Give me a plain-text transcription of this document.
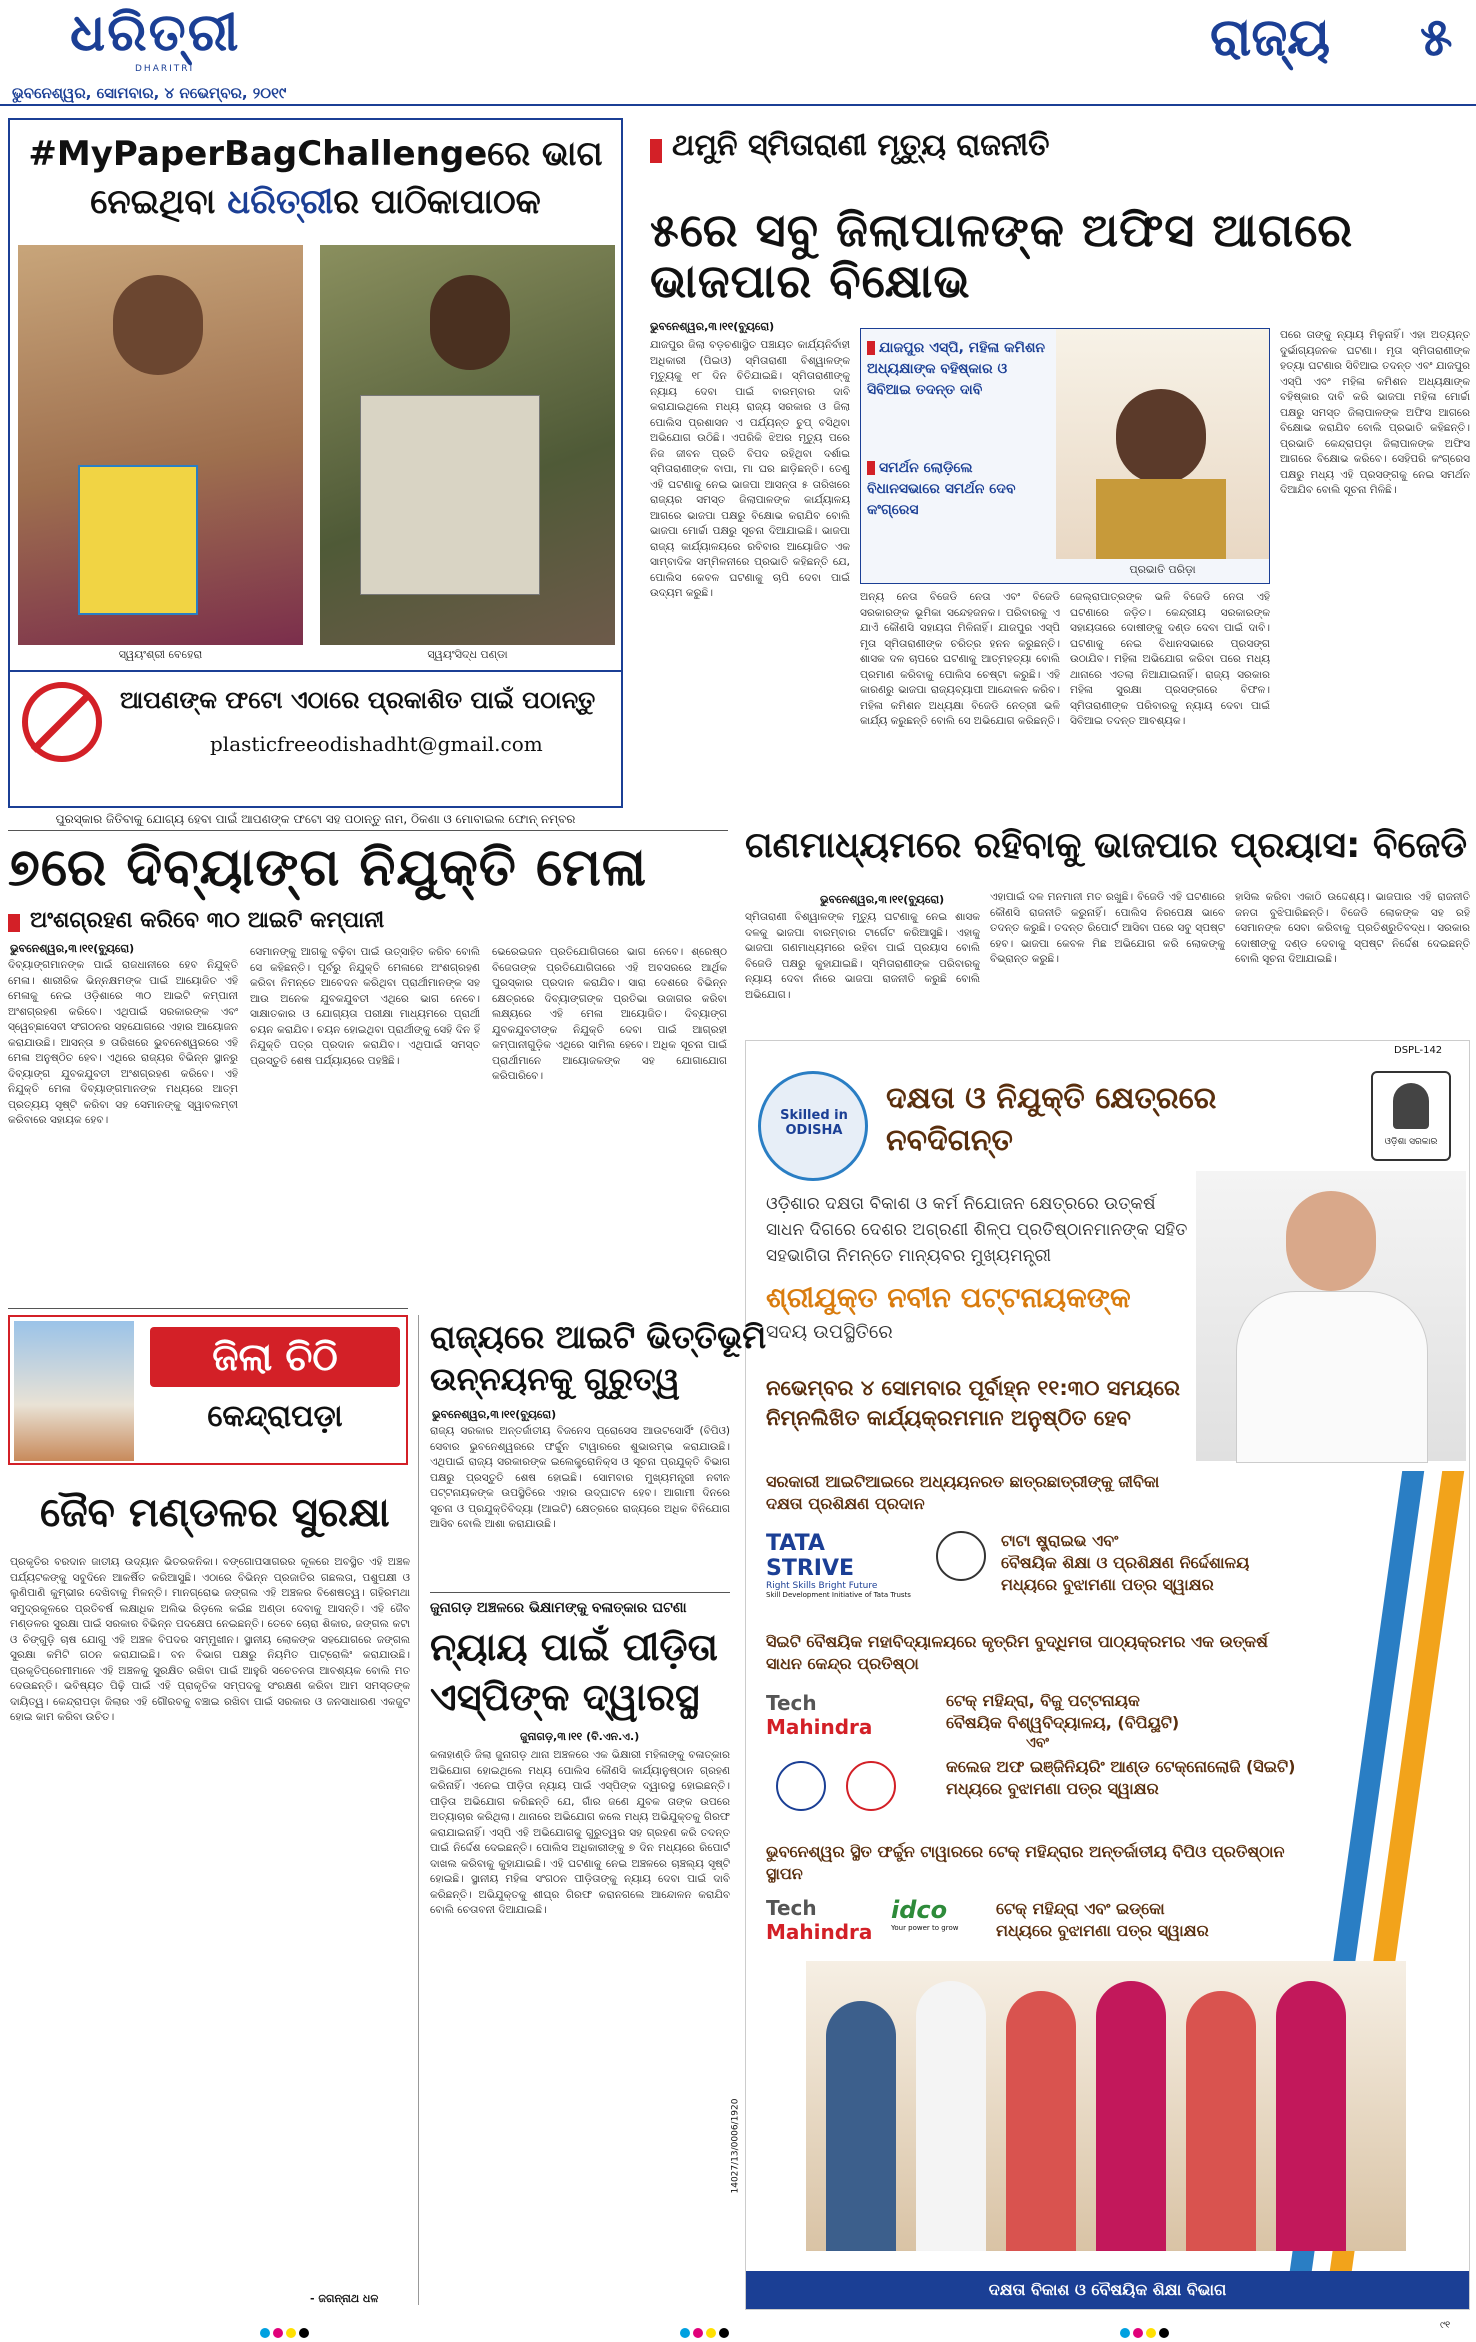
ଧରିତ୍ରୀ
DHARITRI
ଭୁବନେଶ୍ୱର, ସୋମବାର, ୪ ନଭେମ୍ବର, ୨୦୧୯
ରାଜ୍ୟ ୫
#MyPaperBagChallengeରେ ଭାଗ
ନେଇଥିବା ଧରିତ୍ରୀର ପାଠିକାପାଠକ
ସ୍ୱୟଂଶ୍ରୀ ବେହେରା	ସ୍ୱୟଂସିଦ୍ଧ ପଣ୍ଡା
ଆପଣଙ୍କ ଫଟୋ ଏଠାରେ ପ୍ରକାଶିତ ପାଇଁ ପଠାନ୍ତୁ
plasticfreeodishadht@gmail.com
ପୁରସ୍କାର ଜିତିବାକୁ ଯୋଗ୍ୟ ହେବା ପାଇଁ ଆପଣଙ୍କ ଫଟୋ ସହ ପଠାନ୍ତୁ ନାମ, ଠିକଣା ଓ ମୋବାଇଲ ଫୋନ୍ ନମ୍ବର
ଥମୁନି ସ୍ମିତାରାଣୀ ମୃତ୍ୟୁ ରାଜନୀତି
୫ରେ ସବୁ ଜିଲାପାଳଙ୍କ ଅଫିସ ଆଗରେ ଭାଜପାର ବିକ୍ଷୋଭ
ଭୁବନେଶ୍ୱର,୩।୧୧(ବ୍ୟୁରୋ)
ଯାଜପୁର ଜିଲା ବଡ଼ଚଣାସ୍ଥିତ ପଞ୍ଚାୟତ କାର୍ଯ୍ୟନିର୍ବାହୀ ଅଧିକାରୀ (ପିଇଓ) ସ୍ମିତାରାଣୀ ବିଶ୍ୱାଳଙ୍କ ମୃତ୍ୟୁକୁ ୧୮ ଦିନ ବିତିଯାଇଛି। ସ୍ମିତାରାଣୀଙ୍କୁ ନ୍ୟାୟ ଦେବା ପାଇଁ ବାରମ୍ବାର ଦାବି କରାଯାଇଥିଲେ ମଧ୍ୟ ରାଜ୍ୟ ସରକାର ଓ ଜିଲା ପୋଲିସ ପ୍ରଶାସନ ଏ ପର୍ଯ୍ୟନ୍ତ ଚୁପ୍ ବସିଥିବା ଅଭିଯୋଗ ଉଠିଛି। ଏପରିକି ଝିଅର ମୃତ୍ୟୁ ପରେ ନିଜ ଜୀବନ ପ୍ରତି ବିପଦ ରହିଥିବା ଦର୍ଶାଇ ସ୍ମିତାରାଣୀଙ୍କ ବାପା, ମା ଘର ଛାଡ଼ିଛନ୍ତି। ତେଣୁ ଏହି ଘଟଣାକୁ ନେଇ ଭାଜପା ଆସନ୍ତା ୫ ତାରିଖରେ ରାଜ୍ୟର ସମସ୍ତ ଜିଲାପାଳଙ୍କ କାର୍ଯ୍ୟାଳୟ ଆଗରେ ଭାଜପା ପକ୍ଷରୁ ବିକ୍ଷୋଭ କରାଯିବ ବୋଲି ଭାଜପା ମୋର୍ଚ୍ଚା ପକ୍ଷରୁ ସୂଚନା ଦିଆଯାଇଛି। ଭାଜପା ରାଜ୍ୟ କାର୍ଯ୍ୟାଳୟରେ ରବିବାର ଆୟୋଜିତ ଏକ ସାମ୍ବାଦିକ ସମ୍ମିଳନୀରେ ପ୍ରଭାତି କହିଛନ୍ତି ଯେ, ପୋଲିସ କେବଳ ଘଟଣାକୁ ଚାପି ଦେବା ପାଇଁ ଉଦ୍ୟମ କରୁଛି।
ଯାଜପୁର ଏସ୍‌ପି, ମହିଳା କମିଶନ ଅଧ୍ୟକ୍ଷାଙ୍କ ବହିଷ୍କାର ଓ ସିବିଆଇ ତଦନ୍ତ ଦାବି
ସମର୍ଥନ ଲୋଡ଼ିଲେ ବିଧାନସଭାରେ ସମର୍ଥନ ଦେବ କଂଗ୍ରେସ
ପ୍ରଭାତି ପରିଡ଼ା
ଅନ୍ୟ ନେତା ବିଜେଡି ନେତା ଏବଂ ବିଜେଡି ସରକାରଙ୍କ ଭୂମିକା ସନ୍ଦେହଜନକ। ପରିବାରକୁ ଏ ଯାଏଁ କୌଣସି ସହାୟତା ମିଳିନାହିଁ। ଯାଜପୁର ଏସ୍‌ପି ମୃତା ସ୍ମିତାରାଣୀଙ୍କ ଚରିତ୍ର ହନନ କରୁଛନ୍ତି। ଶାସକ ଦଳ ଚାପରେ ଘଟଣାକୁ ଆତ୍ମହତ୍ୟା ବୋଲି ପ୍ରମାଣ କରିବାକୁ ପୋଲିସ ଚେଷ୍ଟା କରୁଛି। ଏହି କାରଣରୁ ଭାଜପା ରାଜ୍ୟବ୍ୟାପୀ ଆନ୍ଦୋଳନ କରିବ। ମହିଳା କମିଶନ ଅଧ୍ୟକ୍ଷା ବିଜେଡି ନେତ୍ରୀ ଭଳି କାର୍ଯ୍ୟ କରୁଛନ୍ତି ବୋଲି ସେ ଅଭିଯୋଗ କରିଛନ୍ତି।
ଜେଲ୍ରାପାତ୍ରଙ୍କ ଭଳି ବିଜେଡି ନେତା ଏହି ଘଟଣାରେ ଜଡ଼ିତ। କେନ୍ଦ୍ରୀୟ ସରକାରଙ୍କ ସହାୟତାରେ ଦୋଷୀଙ୍କୁ ଦଣ୍ଡ ଦେବା ପାଇଁ ଦାବି। ଘଟଣାକୁ ନେଇ ବିଧାନସଭାରେ ପ୍ରସଙ୍ଗ ଉଠାଯିବ। ମହିଳା ଅଭିଯୋଗ କରିବା ପରେ ମଧ୍ୟ ଥାନାରେ ଏତଲା ନିଆଯାଇନାହିଁ। ରାଜ୍ୟ ସରକାର ମହିଳା ସୁରକ୍ଷା ପ୍ରସଙ୍ଗରେ ବିଫଳ। ସ୍ମିତାରାଣୀଙ୍କ ପରିବାରକୁ ନ୍ୟାୟ ଦେବା ପାଇଁ ସିବିଆଇ ତଦନ୍ତ ଆବଶ୍ୟକ।
ପରେ ତାଙ୍କୁ ନ୍ୟାୟ ମିଳୁନାହିଁ। ଏହା ଅତ୍ୟନ୍ତ ଦୁର୍ଭାଗ୍ୟଜନକ ଘଟଣା। ମୃତା ସ୍ମିତାରାଣୀଙ୍କ ହତ୍ୟା ଘଟଣାର ସିବିଆଇ ତଦନ୍ତ ଏବଂ ଯାଜପୁର ଏସ୍‌ପି ଏବଂ ମହିଳା କମିଶନ ଅଧ୍ୟକ୍ଷାଙ୍କ ବହିଷ୍କାର ଦାବି କରି ଭାଜପା ମହିଳା ମୋର୍ଚ୍ଚା ପକ୍ଷରୁ ସମସ୍ତ ଜିଲାପାଳଙ୍କ ଅଫିସ ଆଗରେ ବିକ୍ଷୋଭ କରାଯିବ ବୋଲି ପ୍ରଭାତି କହିଛନ୍ତି। ପ୍ରଭାତି କେନ୍ଦ୍ରାପଡ଼ା ଜିଲାପାଳଙ୍କ ଅଫିସ ଆଗରେ ବିକ୍ଷୋଭ କରିବେ। ସେହିପରି କଂଗ୍ରେସ ପକ୍ଷରୁ ମଧ୍ୟ ଏହି ପ୍ରସଙ୍ଗକୁ ନେଇ ସମର୍ଥନ ଦିଆଯିବ ବୋଲି ସୂଚନା ମିଳିଛି।
୭ରେ ଦିବ୍ୟାଙ୍ଗ ନିଯୁକ୍ତି ମେଳା
ଅଂଶଗ୍ରହଣ କରିବେ ୩୦ ଆଇଟି କମ୍ପାନୀ
ଭୁବନେଶ୍ୱର,୩।୧୧(ବ୍ୟୁରୋ)
ଦିବ୍ୟାଙ୍ଗମାନଙ୍କ ପାଇଁ ରାଜଧାନୀରେ ହେବ ନିଯୁକ୍ତି ମେଳା। ଶାରୀରିକ ଭିନ୍ନକ୍ଷମଙ୍କ ପାଇଁ ଆୟୋଜିତ ଏହି ମେଳାକୁ ନେଇ ଓଡ଼ିଶାରେ ୩୦ ଆଇଟି କମ୍ପାନୀ ଅଂଶଗ୍ରହଣ କରିବେ। ଏଥିପାଇଁ ସରକାରଙ୍କ ଏବଂ ସ୍ୱେଚ୍ଛାସେବୀ ସଂଗଠନର ସହଯୋଗରେ ଏହାର ଆୟୋଜନ କରାଯାଉଛି। ଆସନ୍ତା ୭ ତାରିଖରେ ଭୁବନେଶ୍ୱରରେ ଏହି ମେଳା ଅନୁଷ୍ଠିତ ହେବ। ଏଥିରେ ରାଜ୍ୟର ବିଭିନ୍ନ ସ୍ଥାନରୁ ଦିବ୍ୟାଙ୍ଗ ଯୁବକଯୁବତୀ ଅଂଶଗ୍ରହଣ କରିବେ। ଏହି ନିଯୁକ୍ତି ମେଳା ଦିବ୍ୟାଙ୍ଗମାନଙ୍କ ମଧ୍ୟରେ ଆତ୍ମ ପ୍ରତ୍ୟୟ ସୃଷ୍ଟି କରିବା ସହ ସେମାନଙ୍କୁ ସ୍ୱାବଲମ୍ବୀ କରିବାରେ ସହାୟକ ହେବ।
ସେମାନଙ୍କୁ ଆଗକୁ ବଢ଼ିବା ପାଇଁ ଉତ୍ସାହିତ କରିବ ବୋଲି ସେ କହିଛନ୍ତି। ପୂର୍ବରୁ ନିଯୁକ୍ତି ମେଳାରେ ଅଂଶଗ୍ରହଣ କରିବା ନିମନ୍ତେ ଆବେଦନ କରିଥିବା ପ୍ରାର୍ଥୀମାନଙ୍କ ସହ ଆଉ ଅନେକ ଯୁବକଯୁବତୀ ଏଥିରେ ଭାଗ ନେବେ। ସାକ୍ଷାତକାର ଓ ଯୋଗ୍ୟତା ପରୀକ୍ଷା ମାଧ୍ୟମରେ ପ୍ରାର୍ଥୀ ଚୟନ କରାଯିବ। ଚୟନ ହୋଇଥିବା ପ୍ରାର୍ଥୀଙ୍କୁ ସେହି ଦିନ ହିଁ ନିଯୁକ୍ତି ପତ୍ର ପ୍ରଦାନ କରାଯିବ। ଏଥିପାଇଁ ସମସ୍ତ ପ୍ରସ୍ତୁତି ଶେଷ ପର୍ଯ୍ୟାୟରେ ପହଞ୍ଚିଛି।
ଭେରେଇଜନ ପ୍ରତିଯୋଗିତାରେ ଭାଗ ନେବେ। ଶ୍ରେଷ୍ଠ ବିଜେତାଙ୍କ ପ୍ରତିଯୋଗିତାରେ ଏହି ଅବସରରେ ଆର୍ଥିକ ପୁରସ୍କାର ପ୍ରଦାନ କରାଯିବ। ସାରା ଦେଶରେ ବିଭିନ୍ନ କ୍ଷେତ୍ରରେ ଦିବ୍ୟାଙ୍ଗଙ୍କ ପ୍ରତିଭା ଉଜାଗର କରିବା ଲକ୍ଷ୍ୟରେ ଏହି ମେଳା ଆୟୋଜିତ। ଦିବ୍ୟାଙ୍ଗ ଯୁବକଯୁବତୀଙ୍କ ନିଯୁକ୍ତି ଦେବା ପାଇଁ ଆଗ୍ରହୀ କମ୍ପାନୀଗୁଡ଼ିକ ଏଥିରେ ସାମିଲ ହେବେ। ଅଧିକ ସୂଚନା ପାଇଁ ପ୍ରାର୍ଥୀମାନେ ଆୟୋଜକଙ୍କ ସହ ଯୋଗାଯୋଗ କରିପାରିବେ।
ଗଣମାଧ୍ୟମରେ ରହିବାକୁ ଭାଜପାର ପ୍ରୟାସ: ବିଜେଡି
ଭୁବନେଶ୍ୱର,୩।୧୧(ବ୍ୟୁରୋ)
ସ୍ମିତାରାଣୀ ବିଶ୍ୱାଳଙ୍କ ମୃତ୍ୟୁ ଘଟଣାକୁ ନେଇ ଶାସକ ଦଳକୁ ଭାଜପା ବାରମ୍ବାର ଟାର୍ଗେଟ କରିଆସୁଛି। ଏହାକୁ ଭାଜପା ଗଣମାଧ୍ୟମରେ ରହିବା ପାଇଁ ପ୍ରୟାସ ବୋଲି ବିଜେଡି ପକ୍ଷରୁ କୁହାଯାଇଛି। ସ୍ମିତାରାଣୀଙ୍କ ପରିବାରକୁ ନ୍ୟାୟ ଦେବା ନାଁରେ ଭାଜପା ରାଜନୀତି କରୁଛି ବୋଲି ଅଭିଯୋଗ।
ଏହାପାଇଁ ଦଳ ମନମାନୀ ମତ ରଖୁଛି। ବିଜେଡି ଏହି ଘଟଣାରେ କୌଣସି ରାଜନୀତି କରୁନାହିଁ। ପୋଲିସ ନିରପେକ୍ଷ ଭାବେ ତଦନ୍ତ କରୁଛି। ତଦନ୍ତ ରିପୋର୍ଟ ଆସିବା ପରେ ସବୁ ସ୍ପଷ୍ଟ ହେବ। ଭାଜପା କେବଳ ମିଛ ଅଭିଯୋଗ କରି ଲୋକଙ୍କୁ ବିଭ୍ରାନ୍ତ କରୁଛି।
ହାସିଲ କରିବା ଏକାଠି ଉଦ୍ଦେଶ୍ୟ। ଭାଜପାର ଏହି ରାଜନୀତି ଜନତା ବୁଝିପାରିଛନ୍ତି। ବିଜେଡି ଲୋକଙ୍କ ସହ ରହି ସେମାନଙ୍କ ସେବା କରିବାକୁ ପ୍ରତିଶ୍ରୁତିବଦ୍ଧ। ସରକାର ଦୋଷୀଙ୍କୁ ଦଣ୍ଡ ଦେବାକୁ ସ୍ପଷ୍ଟ ନିର୍ଦ୍ଦେଶ ଦେଇଛନ୍ତି ବୋଲି ସୂଚନା ଦିଆଯାଇଛି।
DSPL-142
Skilled in ODISHA
ଦକ୍ଷତା ଓ ନିଯୁକ୍ତି କ୍ଷେତ୍ରରେ
ନବଦିଗନ୍ତ	ଓଡ଼ିଶା ସରକାର
ଓଡ଼ିଶାର ଦକ୍ଷତା ବିକାଶ ଓ କର୍ମ ନିଯୋଜନ କ୍ଷେତ୍ରରେ ଉତ୍କର୍ଷ ସାଧନ ଦିଗରେ ଦେଶର ଅଗ୍ରଣୀ ଶିଳ୍ପ ପ୍ରତିଷ୍ଠାନମାନଙ୍କ ସହିତ ସହଭାଗିତା ନିମନ୍ତେ ମାନ୍ୟବର ମୁଖ୍ୟମନ୍ତ୍ରୀ
ଶ୍ରୀଯୁକ୍ତ ନବୀନ ପଟ୍ଟନାୟକଙ୍କ
ସଦୟ ଉପସ୍ଥିତିରେ
ନଭେମ୍ବର ୪ ସୋମବାର ପୂର୍ବାହ୍ନ ୧୧:୩୦ ସମୟରେ
ନିମ୍ନଲିଖିତ କାର୍ଯ୍ୟକ୍ରମମାନ ଅନୁଷ୍ଠିତ ହେବ
ସରକାରୀ ଆଇଟିଆଇରେ ଅଧ୍ୟୟନରତ ଛାତ୍ରଛାତ୍ରୀଙ୍କୁ ଜୀବିକା ଦକ୍ଷତା ପ୍ରଶିକ୍ଷଣ ପ୍ରଦାନ
TATA STRIVE
Right Skills Bright Future
Skill Development Initiative of Tata Trusts
ଟାଟା ଷ୍ଟ୍ରାଇଭ ଏବଂ
ବୈଷୟିକ ଶିକ୍ଷା ଓ ପ୍ରଶିକ୍ଷଣ ନିର୍ଦ୍ଦେଶାଳୟ
ମଧ୍ୟରେ ବୁଝାମଣା ପତ୍ର ସ୍ୱାକ୍ଷର
ସିଇଟି ବୈଷୟିକ ମହାବିଦ୍ୟାଳୟରେ କୃତ୍ରିମ ବୁଦ୍ଧିମତା ପାଠ୍ୟକ୍ରମର ଏକ ଉତ୍କର୍ଷ ସାଧନ କେନ୍ଦ୍ର ପ୍ରତିଷ୍ଠା
Tech
Mahindra
ଟେକ୍ ମହିନ୍ଦ୍ରା, ବିଜୁ ପଟ୍ଟନାୟକ
ବୈଷୟିକ ବିଶ୍ୱବିଦ୍ୟାଳୟ, (ବିପିୟୁଟି)
ଏବଂ
କଲେଜ ଅଫ ଇଞ୍ଜିନିୟରିଂ ଆଣ୍ଡ ଟେକ୍ନୋଲୋଜି (ସିଇଟି)
ମଧ୍ୟରେ ବୁଝାମଣା ପତ୍ର ସ୍ୱାକ୍ଷର
ଭୁବନେଶ୍ୱର ସ୍ଥିତ ଫର୍ଚ୍ଚୁନ ଟାୱାରରେ ଟେକ୍ ମହିନ୍ଦ୍ରାର ଅନ୍ତର୍ଜାତୀୟ ବିପିଓ ପ୍ରତିଷ୍ଠାନ ସ୍ଥାପନ
Tech
Mahindra
idco
Your power to grow
ଟେକ୍ ମହିନ୍ଦ୍ରା ଏବଂ ଇଡ୍କୋ
ମଧ୍ୟରେ ବୁଝାମଣା ପତ୍ର ସ୍ୱାକ୍ଷର
14027/13/0006/1920
ଦକ୍ଷତା ବିକାଶ ଓ ବୈଷୟିକ ଶିକ୍ଷା ବିଭାଗ
ଜିଲା ଚିଠି
କେନ୍ଦ୍ରାପଡ଼ା
ଜୈବ ମଣ୍ଡଳର ସୁରକ୍ଷା
ପ୍ରକୃତିର ବରଦାନ ଜାତୀୟ ଉଦ୍ୟାନ ଭିତରକନିକା। ବଙ୍ଗୋପସାଗରର କୂଳରେ ଅବସ୍ଥିତ ଏହି ଅଞ୍ଚଳ ପର୍ଯ୍ୟଟକଙ୍କୁ ସବୁଦିନେ ଆକର୍ଷିତ କରିଆସୁଛି। ଏଠାରେ ବିଭିନ୍ନ ପ୍ରଜାତିର ଗଛଲତା, ପଶୁପକ୍ଷୀ ଓ ଲୁଣିପାଣି କୁମ୍ଭୀର ଦେଖିବାକୁ ମିଳନ୍ତି। ମାନଗ୍ରୋଭ ଜଙ୍ଗଲ ଏହି ଅଞ୍ଚଳର ବିଶେଷତ୍ୱ। ଗହିରମଥା ସମୁଦ୍ରକୂଳରେ ପ୍ରତିବର୍ଷ ଲକ୍ଷାଧିକ ଅଲିଭ ରିଡ଼ଲେ କଇଁଛ ଅଣ୍ଡା ଦେବାକୁ ଆସନ୍ତି। ଏହି ଜୈବ ମଣ୍ଡଳର ସୁରକ୍ଷା ପାଇଁ ସରକାର ବିଭିନ୍ନ ପଦକ୍ଷେପ ନେଇଛନ୍ତି। ତେବେ ଚୋରା ଶିକାର, ଜଙ୍ଗଲ କଟା ଓ ଚିଙ୍ଗୁଡ଼ି ଚାଷ ଯୋଗୁ ଏହି ଅଞ୍ଚଳ ବିପଦର ସମ୍ମୁଖୀନ। ସ୍ଥାନୀୟ ଲୋକଙ୍କ ସହଯୋଗରେ ଜଙ୍ଗଲ ସୁରକ୍ଷା କମିଟି ଗଠନ କରାଯାଇଛି। ବନ ବିଭାଗ ପକ୍ଷରୁ ନିୟମିତ ପାଟ୍ରୋଲିଂ କରାଯାଉଛି। ପ୍ରକୃତିପ୍ରେମୀମାନେ ଏହି ଅଞ୍ଚଳକୁ ସୁରକ୍ଷିତ ରଖିବା ପାଇଁ ଆହୁରି ସଚେତନତା ଆବଶ୍ୟକ ବୋଲି ମତ ଦେଉଛନ୍ତି। ଭବିଷ୍ୟତ ପିଢ଼ି ପାଇଁ ଏହି ପ୍ରାକୃତିକ ସମ୍ପଦକୁ ସଂରକ୍ଷଣ କରିବା ଆମ ସମସ୍ତଙ୍କ ଦାୟିତ୍ୱ। କେନ୍ଦ୍ରାପଡ଼ା ଜିଲାର ଏହି ଗୌରବକୁ ବଞ୍ଚାଇ ରଖିବା ପାଇଁ ସରକାର ଓ ଜନସାଧାରଣ ଏକଜୁଟ ହୋଇ କାମ କରିବା ଉଚିତ।
- ଜଗନ୍ନାଥ ଧଳ
ରାଜ୍ୟରେ ଆଇଟି ଭିତ୍ତିଭୂମି
ଉନ୍ନୟନକୁ ଗୁରୁତ୍ୱ
ଭୁବନେଶ୍ୱର,୩।୧୧(ବ୍ୟୁରୋ)
ରାଜ୍ୟ ସରକାର ଅନ୍ତର୍ଜାତୀୟ ବିଜନେସ ପ୍ରୋସେସ ଆଉଟସୋର୍ସିଂ (ବିପିଓ) ସେବାର ଭୁବନେଶ୍ୱରରେ ଫର୍ଚ୍ଚୁନ ଟାୱାରରେ ଶୁଭାରମ୍ଭ କରାଯାଉଛି। ଏଥିପାଇଁ ରାଜ୍ୟ ସରକାରଙ୍କ ଇଲେକ୍ଟ୍ରୋନିକ୍ସ ଓ ସୂଚନା ପ୍ରଯୁକ୍ତି ବିଭାଗ ପକ୍ଷରୁ ପ୍ରସ୍ତୁତି ଶେଷ ହୋଇଛି। ସୋମବାର ମୁଖ୍ୟମନ୍ତ୍ରୀ ନବୀନ ପଟ୍ଟନାୟକଙ୍କ ଉପସ୍ଥିତିରେ ଏହାର ଉଦ୍‌ଘାଟନ ହେବ। ଆଗାମୀ ଦିନରେ ସୂଚନା ଓ ପ୍ରଯୁକ୍ତିବିଦ୍ୟା (ଆଇଟି) କ୍ଷେତ୍ରରେ ରାଜ୍ୟରେ ଅଧିକ ବିନିଯୋଗ ଆସିବ ବୋଲି ଆଶା କରାଯାଉଛି।
ଜୁନାଗଡ଼ ଅଞ୍ଚଳରେ ଭିକ୍ଷାମଙ୍କୁ ବଳାତ୍କାର ଘଟଣା
ନ୍ୟାୟ ପାଇଁ ପୀଡ଼ିତା
ଏସ୍‌ପିଙ୍କ ଦ୍ୱାରସ୍ଥ
ଜୁନାଗଡ଼,୩।୧୧ (ବି.ଏନ.ଏ.)
କଳାହାଣ୍ଡି ଜିଲା ଜୁନାଗଡ଼ ଥାନା ଅଞ୍ଚଳରେ ଏକ ଭିକ୍ଷାରୀ ମହିଳାଙ୍କୁ ବଳାତ୍କାର ଅଭିଯୋଗ ହୋଇଥିଲେ ମଧ୍ୟ ପୋଲିସ କୌଣସି କାର୍ଯ୍ୟାନୁଷ୍ଠାନ ଗ୍ରହଣ କରିନାହିଁ। ଏନେଇ ପୀଡ଼ିତା ନ୍ୟାୟ ପାଇଁ ଏସ୍‌ପିଙ୍କ ଦ୍ୱାରସ୍ଥ ହୋଇଛନ୍ତି। ପୀଡ଼ିତା ଅଭିଯୋଗ କରିଛନ୍ତି ଯେ, ଗାଁର ଜଣେ ଯୁବକ ତାଙ୍କ ଉପରେ ଅତ୍ୟାଚାର କରିଥିଲା। ଥାନାରେ ଅଭିଯୋଗ କଲେ ମଧ୍ୟ ଅଭିଯୁକ୍ତକୁ ଗିରଫ କରାଯାଇନାହିଁ। ଏସ୍‌ପି ଏହି ଅଭିଯୋଗକୁ ଗୁରୁତ୍ୱର ସହ ଗ୍ରହଣ କରି ତଦନ୍ତ ପାଇଁ ନିର୍ଦ୍ଦେଶ ଦେଇଛନ୍ତି। ପୋଲିସ ଅଧିକାରୀଙ୍କୁ ୭ ଦିନ ମଧ୍ୟରେ ରିପୋର୍ଟ ଦାଖଲ କରିବାକୁ କୁହାଯାଇଛି। ଏହି ଘଟଣାକୁ ନେଇ ଅଞ୍ଚଳରେ ଚାଞ୍ଚଲ୍ୟ ସୃଷ୍ଟି ହୋଇଛି। ସ୍ଥାନୀୟ ମହିଳା ସଂଗଠନ ପୀଡ଼ିତାଙ୍କୁ ନ୍ୟାୟ ଦେବା ପାଇଁ ଦାବି କରିଛନ୍ତି। ଅଭିଯୁକ୍ତକୁ ଶୀଘ୍ର ଗିରଫ କରାନଗଲେ ଆନ୍ଦୋଳନ କରାଯିବ ବୋଲି ଚେତାବନୀ ଦିଆଯାଇଛି।
୯୧
